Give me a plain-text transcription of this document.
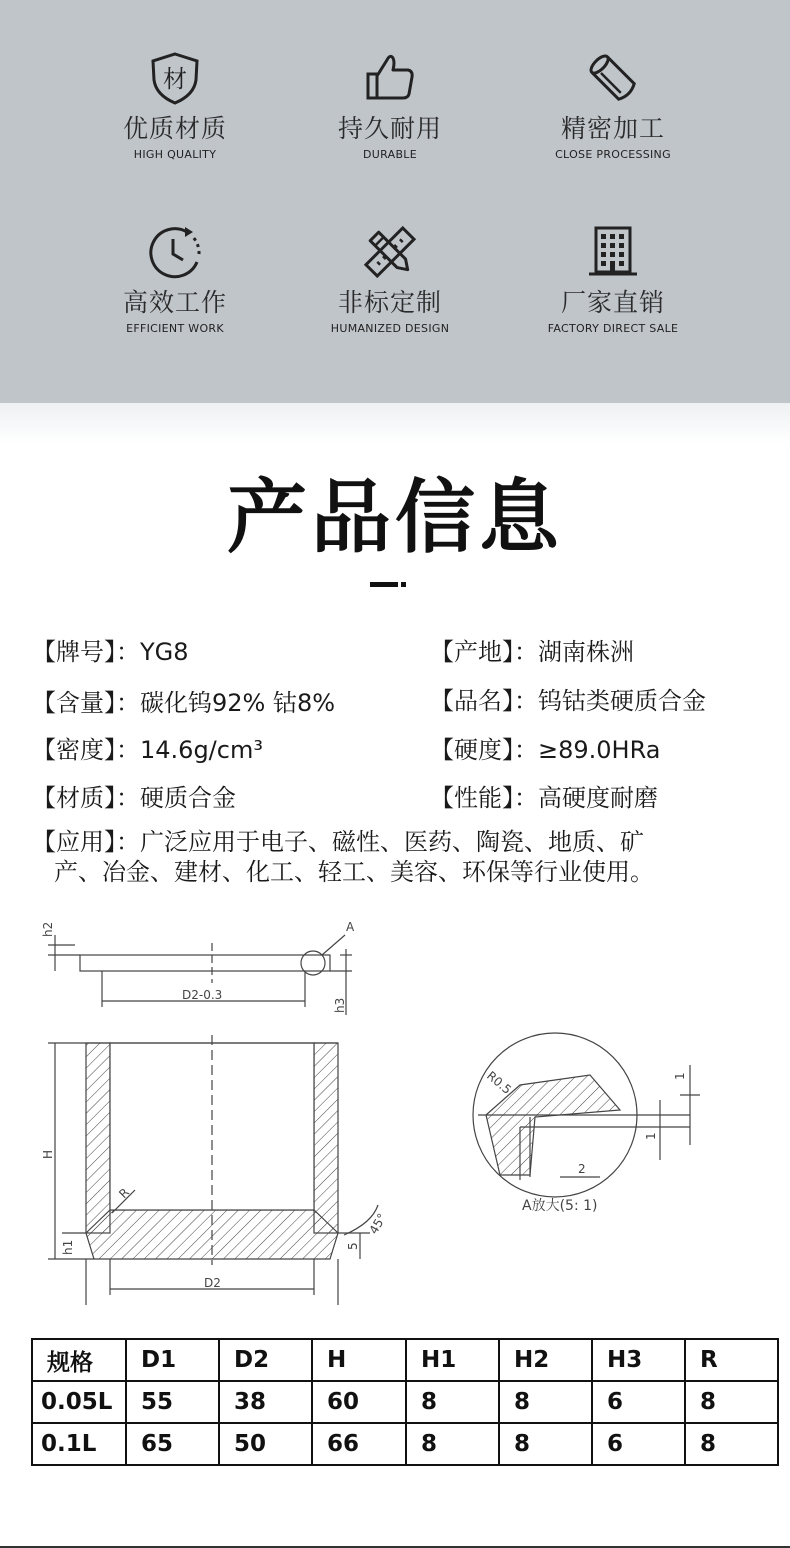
材
优质材质
HIGH QUALITY
持久耐用
DURABLE
精密加工
CLOSE PROCESSING
高效工作
EFFICIENT WORK
非标定制
HUMANIZED DESIGN
厂家直销
FACTORY DIRECT SALE
产品信息
【牌号】：YG8	【产地】：湖南株洲
【含量】：碳化钨92% 钴8%	【品名】：钨钴类硬质合金
【密度】：14.6g/cm³	【硬度】：≥89.0HRa
【材质】：硬质合金	【性能】：高硬度耐磨
【应用】：广泛应用于电子、磁性、医药、陶瓷、地质、矿
产、冶金、建材、化工、轻工、美容、环保等行业使用。
h2	A
D2-0.3
h3
H
R
h1
D2
45°
5
R0.5	1
1
2
A放大(5: 1)
规格	D1	D2	H	H1	H2	H3	R
0.05L	55	38	60	8	8	6	8
0.1L	65	50	66	8	8	6	8
